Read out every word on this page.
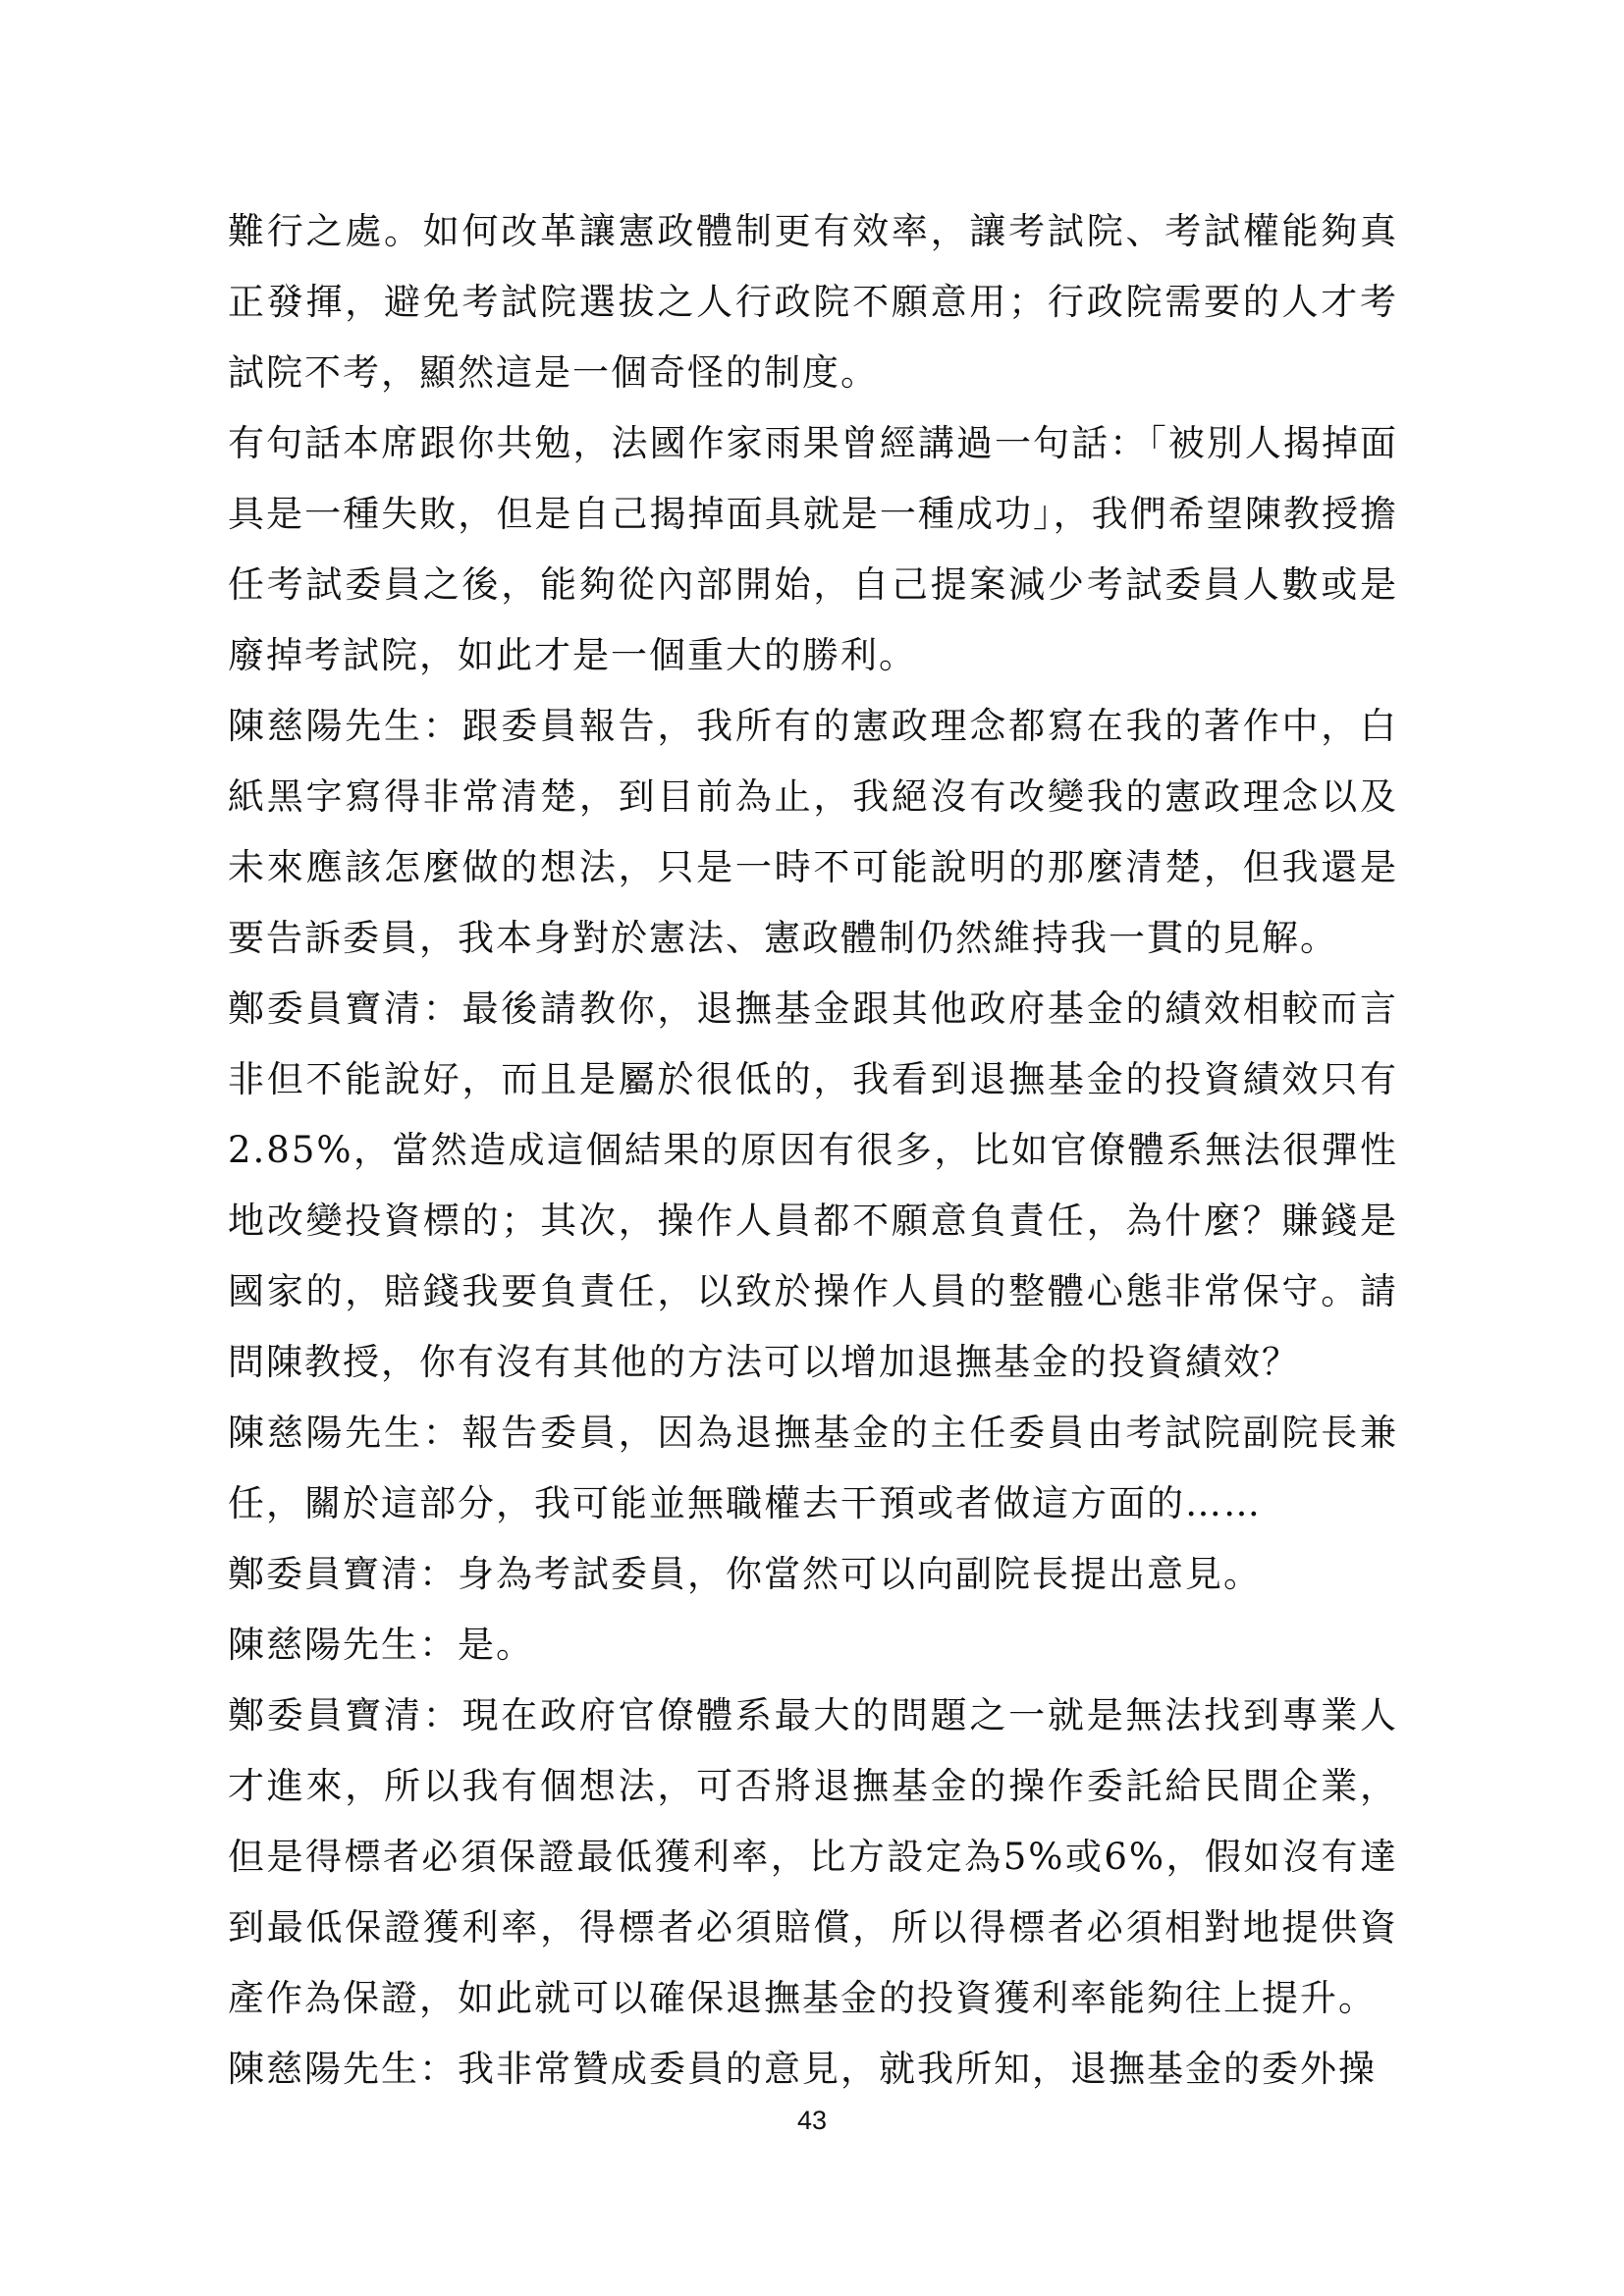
難行之處。如何改革讓憲政體制更有效率，讓考試院、考試權能夠真正發揮，避免考試院選拔之人行政院不願意用；行政院需要的人才考試院不考，顯然這是一個奇怪的制度。

有句話本席跟你共勉，法國作家雨果曾經講過一句話：「被別人揭掉面具是一種失敗，但是自己揭掉面具就是一種成功」，我們希望陳教授擔任考試委員之後，能夠從內部開始，自己提案減少考試委員人數或是廢掉考試院，如此才是一個重大的勝利。

陳慈陽先生：跟委員報告，我所有的憲政理念都寫在我的著作中，白紙黑字寫得非常清楚，到目前為止，我絕沒有改變我的憲政理念以及未來應該怎麼做的想法，只是一時不可能說明的那麼清楚，但我還是要告訴委員，我本身對於憲法、憲政體制仍然維持我一貫的見解。

鄭委員寶清：最後請教你，退撫基金跟其他政府基金的績效相較而言非但不能說好，而且是屬於很低的，我看到退撫基金的投資績效只有2.85%，當然造成這個結果的原因有很多，比如官僚體系無法很彈性地改變投資標的；其次，操作人員都不願意負責任，為什麼？賺錢是國家的，賠錢我要負責任，以致於操作人員的整體心態非常保守。請問陳教授，你有沒有其他的方法可以增加退撫基金的投資績效？

陳慈陽先生：報告委員，因為退撫基金的主任委員由考試院副院長兼任，關於這部分，我可能並無職權去干預或者做這方面的……

鄭委員寶清：身為考試委員，你當然可以向副院長提出意見。

陳慈陽先生：是。

鄭委員寶清：現在政府官僚體系最大的問題之一就是無法找到專業人才進來，所以我有個想法，可否將退撫基金的操作委託給民間企業，但是得標者必須保證最低獲利率，比方設定為5%或6%，假如沒有達到最低保證獲利率，得標者必須賠償，所以得標者必須相對地提供資產作為保證，如此就可以確保退撫基金的投資獲利率能夠往上提升。

陳慈陽先生：我非常贊成委員的意見，就我所知，退撫基金的委外操

43
